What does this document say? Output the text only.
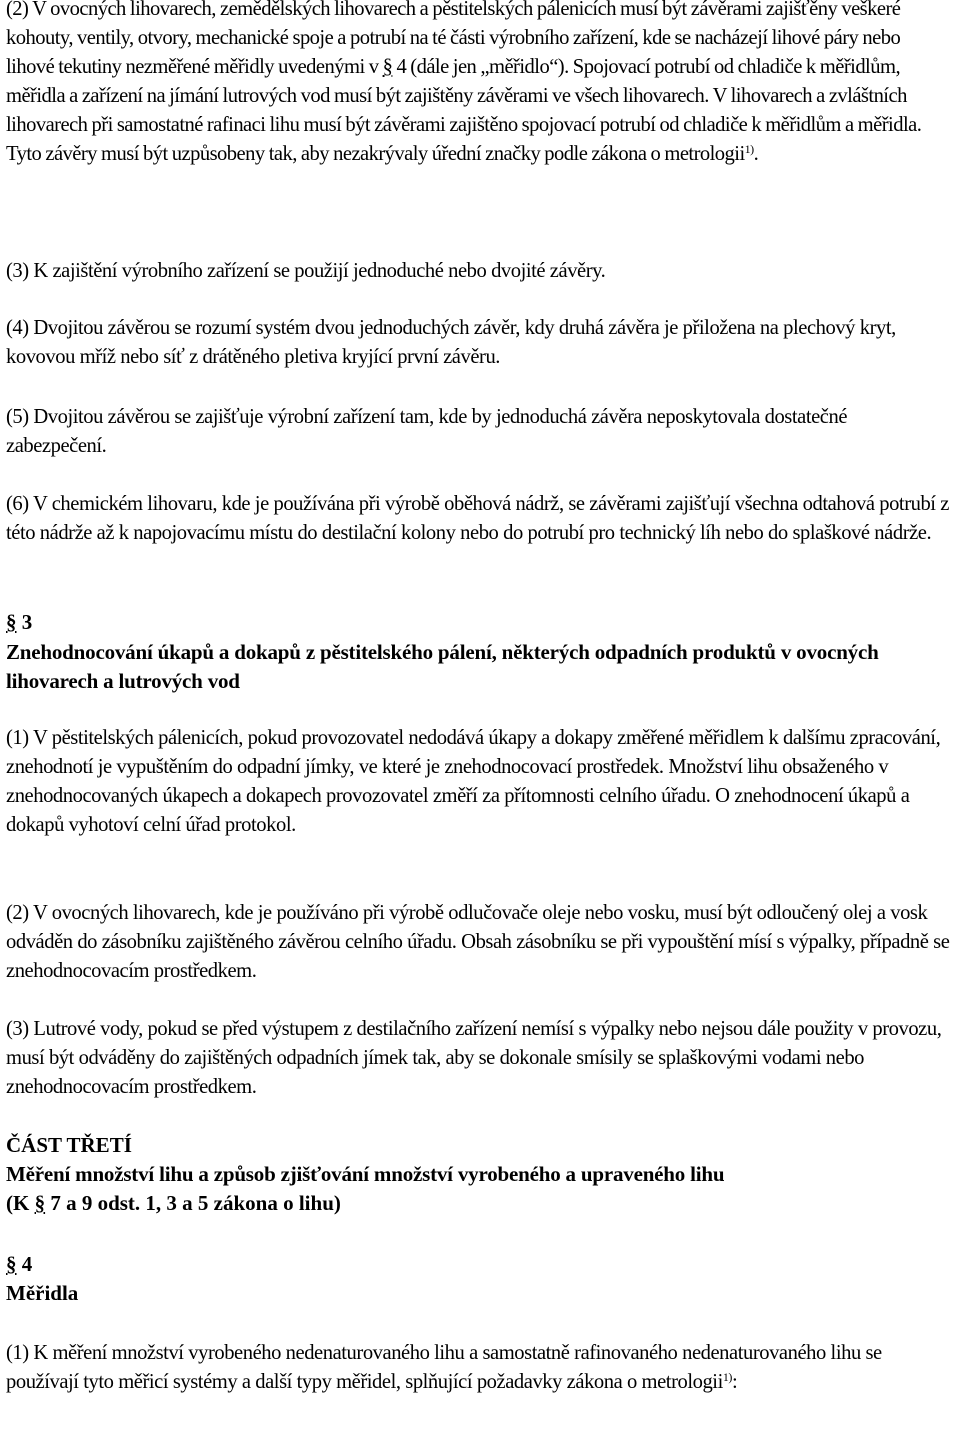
(2) V ovocných lihovarech, zemědělských lihovarech a pěstitelských pálenicích musí být závěrami zajišťěny veškeré kohouty, ventily, otvory, mechanické spoje a potrubí na té části výrobního zařízení, kde se nacházejí lihové páry nebo lihové tekutiny nezměřené měřidly uvedenými v § 4 (dále jen „měřidlo“). Spojovací potrubí od chladiče k měřidlům, měřidla a zařízení na jímání lutrových vod musí být zajištěny závěrami ve všech lihovarech. V lihovarech a zvláštních lihovarech při samostatné rafinaci lihu musí být závěrami zajištěno spojovací potrubí od chladiče k měřidlům a měřidla. Tyto závěry musí být uzpůsobeny tak, aby nezakrývaly úřední značky podle zákona o metrologii$^{1)}$.

(3) K zajištění výrobního zařízení se použijí jednoduché nebo dvojité závěry.

(4) Dvojitou závěrou se rozumí systém dvou jednoduchých závěr, kdy druhá závěra je přiložena na plechový kryt, kovovou mříž nebo síť z drátěného pletiva kryjící první závěru.

(5) Dvojitou závěrou se zajišťuje výrobní zařízení tam, kde by jednoduchá závěra neposkytovala dostatečné zabezpečení.

(6) V chemickém lihovaru, kde je používána při výrobě oběhová nádrž, se závěrami zajišťují všechna odtahová potrubí z této nádrže až k napojovacímu místu do destilační kolony nebo do potrubí pro technický líh nebo do splaškové nádrže.

§ 3

Znehodnocování úkapů a dokapů z pěstitelského pálení, některých odpadních produktů v ovocných lihovarech a lutrových vod

(1) V pěstitelských pálenicích, pokud provozovatel nedodává úkapy a dokapy změřené měřidlem k dalšímu zpracování, znehodnotí je vypuštěním do odpadní jímky, ve které je znehodnocovací prostředek. Množství lihu obsaženého v znehodnocovaných úkapech a dokapech provozovatel změří za přítomnosti celního úřadu. O znehodnocení úkapů a dokapů vyhotoví celní úřad protokol.

(2) V ovocných lihovarech, kde je používáno při výrobě odlučovače oleje nebo vosku, musí být odloučený olej a vosk odváděn do zásobníku zajištěného závěrou celního úřadu. Obsah zásobníku se při vypouštění mísí s výpalky, případně se znehodnocovacím prostředkem.

(3) Lutrové vody, pokud se před výstupem z destilačního zařízení nemísí s výpalky nebo nejsou dále použity v provozu, musí být odváděny do zajištěných odpadních jímek tak, aby se dokonale smísily se splaškovými vodami nebo znehodnocovacím prostředkem.

ČÁST TŘETÍ

Měření množství lihu a způsob zjišťování množství vyrobeného a upraveného lihu

(K § 7 a 9 odst. 1, 3 a 5 zákona o lihu)

§ 4

Měřidla

(1) K měření množství vyrobeného nedenaturovaného lihu a samostatně rafinovaného nedenaturovaného lihu se používají tyto měřicí systémy a další typy měřidel, splňující požadavky zákona o metrologii$^{1)}$:
